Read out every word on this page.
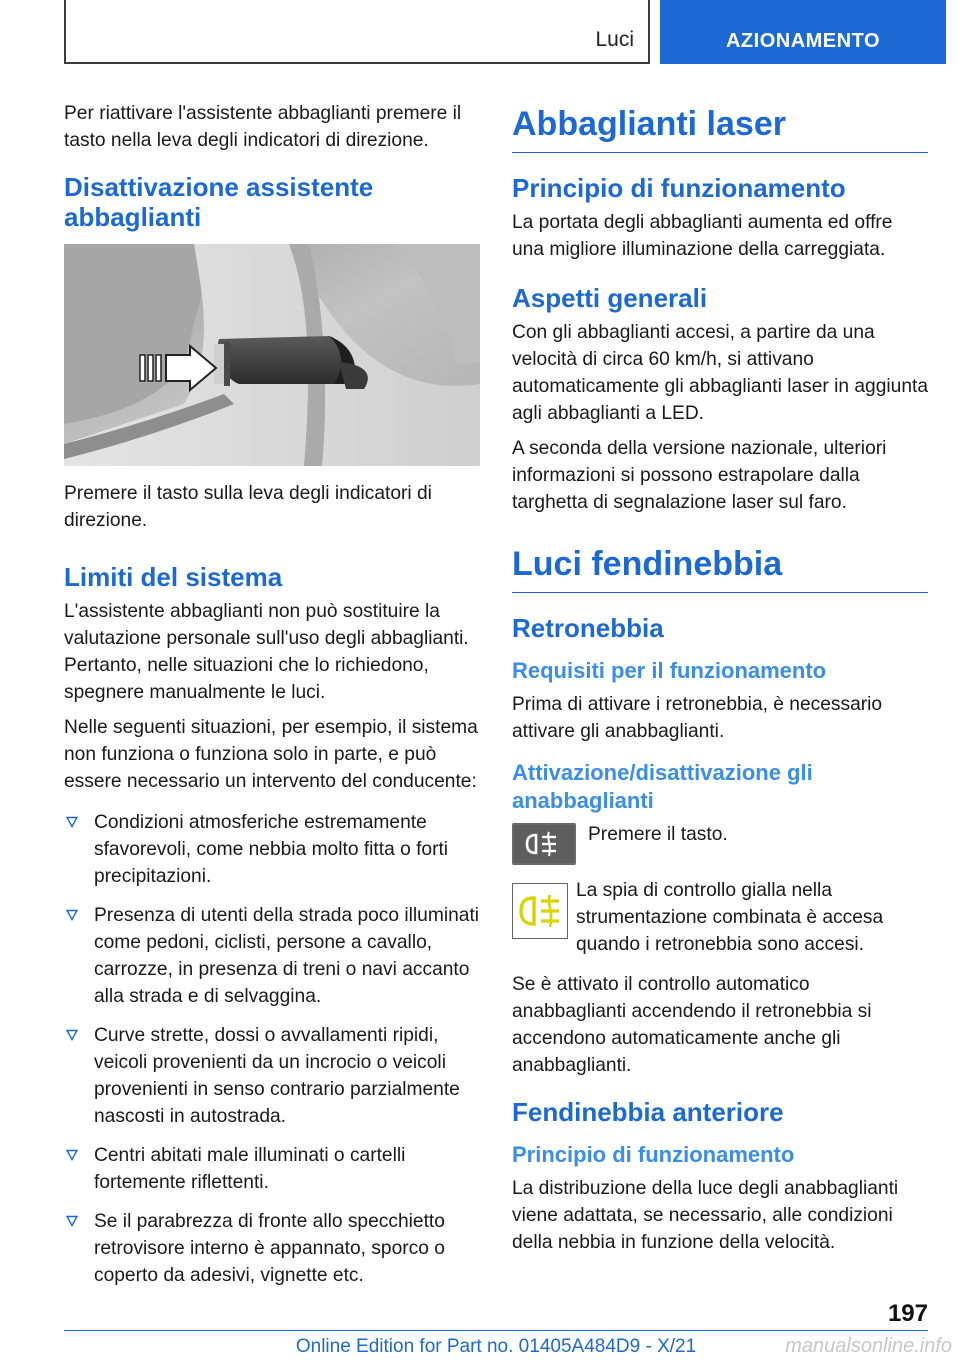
Luci	AZIONAMENTO

Per riattivare l'assistente abbaglianti premere il tasto nella leva degli indicatori di direzione.

Disattivazione assistente abbaglianti

Premere il tasto sulla leva degli indicatori di direzione.

Limiti del sistema

L'assistente abbaglianti non può sostituire la valutazione personale sull'uso degli abbaglianti. Pertanto, nelle situazioni che lo richiedono, spegnere manualmente le luci.

Nelle seguenti situazioni, per esempio, il sistema non funziona o funziona solo in parte, e può essere necessario un intervento del conducente:

Condizioni atmosferiche estremamente sfavorevoli, come nebbia molto fitta o forti precipitazioni.
Presenza di utenti della strada poco illuminati come pedoni, ciclisti, persone a cavallo, carrozze, in presenza di treni o navi accanto alla strada e di selvaggina.
Curve strette, dossi o avvallamenti ripidi, veicoli provenienti da un incrocio o veicoli provenienti in senso contrario parzialmente nascosti in autostrada.
Centri abitati male illuminati o cartelli fortemente riflettenti.
Se il parabrezza di fronte allo specchietto retrovisore interno è appannato, sporco o coperto da adesivi, vignette etc.
Abbaglianti laser
Principio di funzionamento

La portata degli abbaglianti aumenta ed offre una migliore illuminazione della carreggiata.

Aspetti generali

Con gli abbaglianti accesi, a partire da una velocità di circa 60 km/h, si attivano automaticamente gli abbaglianti laser in aggiunta agli abbaglianti a LED.

A seconda della versione nazionale, ulteriori informazioni si possono estrapolare dalla targhetta di segnalazione laser sul faro.

Luci fendinebbia
Retronebbia
Requisiti per il funzionamento

Prima di attivare i retronebbia, è necessario attivare gli anabbaglianti.

Attivazione/disattivazione gli anabbaglianti

Premere il tasto.

La spia di controllo gialla nella strumentazione combinata è accesa quando i retronebbia sono accesi.

Se è attivato il controllo automatico anabbaglianti accendendo il retronebbia si accendono automaticamente anche gli anabbaglianti.

Fendinebbia anteriore
Principio di funzionamento

La distribuzione della luce degli anabbaglianti viene adattata, se necessario, alle condizioni della nebbia in funzione della velocità.

197
Online Edition for Part no. 01405A484D9 - X/21	manualsonline.info
